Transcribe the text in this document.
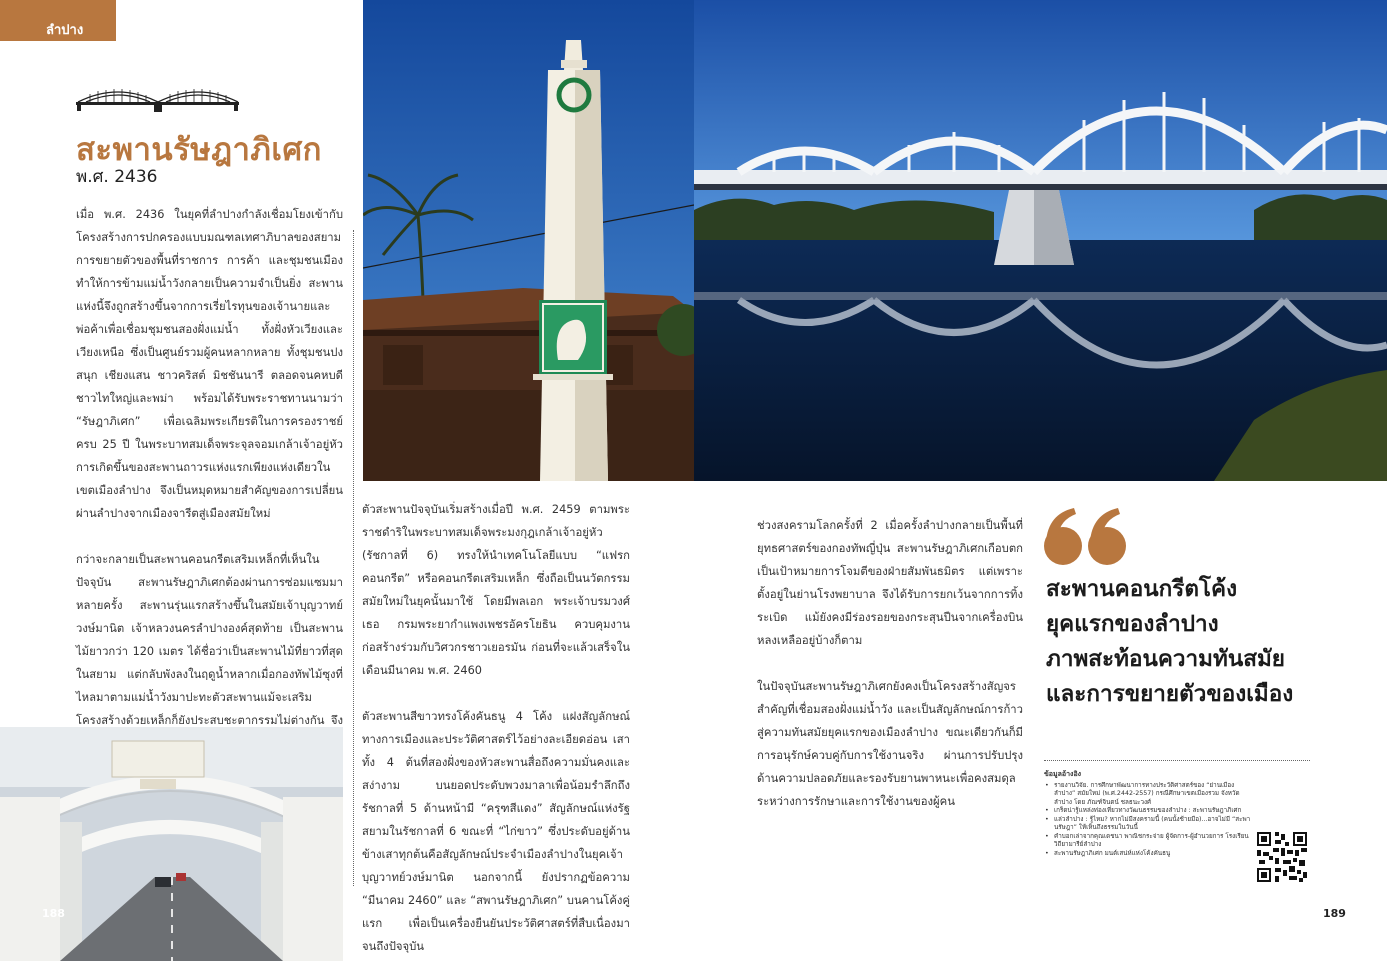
ลำปาง
สะพานรัษฎาภิเศก
พ.ศ. 2436

เมื่อ พ.ศ. 2436 ในยุคที่ลำปางกำลังเชื่อมโยงเข้ากับโครงสร้างการปกครองแบบมณฑลเทศาภิบาลของสยาม การขยายตัวของพื้นที่ราชการ การค้า และชุมชนเมือง ทำให้การข้ามแม่น้ำวังกลายเป็นความจำเป็นยิ่ง สะพานแห่งนี้จึงถูกสร้างขึ้นจากการเรี่ยไรทุนของเจ้านายและพ่อค้าเพื่อเชื่อมชุมชนสองฝั่งแม่น้ำ ทั้งฝั่งหัวเวียงและเวียงเหนือ ซึ่งเป็นศูนย์รวมผู้คนหลากหลาย ทั้งชุมชนปงสนุก เชียงแสน ชาวคริสต์ มิชชันนารี ตลอดจนคหบดีชาวไทใหญ่และพม่า พร้อมได้รับพระราชทานนามว่า “รัษฎาภิเศก” เพื่อเฉลิมพระเกียรติในการครองราชย์ครบ 25 ปี ในพระบาทสมเด็จพระจุลจอมเกล้าเจ้าอยู่หัว การเกิดขึ้นของสะพานถาวรแห่งแรกเพียงแห่งเดียวในเขตเมืองลำปาง จึงเป็นหมุดหมายสำคัญของการเปลี่ยนผ่านลำปางจากเมืองจารีตสู่เมืองสมัยใหม่

กว่าจะกลายเป็นสะพานคอนกรีตเสริมเหล็กที่เห็นในปัจจุบัน สะพานรัษฎาภิเศกต้องผ่านการซ่อมแซมมาหลายครั้ง สะพานรุ่นแรกสร้างขึ้นในสมัยเจ้าบุญวาทย์วงษ์มานิต เจ้าหลวงนครลำปางองค์สุดท้าย เป็นสะพานไม้ยาวกว่า 120 เมตร ได้ชื่อว่าเป็นสะพานไม้ที่ยาวที่สุดในสยาม แต่กลับพังลงในฤดูน้ำหลากเมื่อกองทัพไม้ซุงที่ไหลมาตามแม่น้ำวังมาปะทะตัวสะพานแม้จะเสริมโครงสร้างด้วยเหล็กก็ยังประสบชะตากรรมไม่ต่างกัน จึง

ตัวสะพานปัจจุบันเริ่มสร้างเมื่อปี พ.ศ. 2459 ตามพระราชดำริในพระบาทสมเด็จพระมงกุฎเกล้าเจ้าอยู่หัว (รัชกาลที่ 6) ทรงให้นำเทคโนโลยีแบบ “แฟรกคอนกรีต” หรือคอนกรีตเสริมเหล็ก ซึ่งถือเป็นนวัตกรรมสมัยใหม่ในยุคนั้นมาใช้ โดยมีพลเอก พระเจ้าบรมวงศ์เธอ กรมพระยากำแพงเพชรอัครโยธิน ควบคุมงานก่อสร้างร่วมกับวิศวกรชาวเยอรมัน ก่อนที่จะแล้วเสร็จในเดือนมีนาคม พ.ศ. 2460

ตัวสะพานสีขาวทรงโค้งคันธนู 4 โค้ง แฝงสัญลักษณ์ทางการเมืองและประวัติศาสตร์ไว้อย่างละเอียดอ่อน เสาทั้ง 4 ต้นที่สองฝั่งของหัวสะพานสื่อถึงความมั่นคงและสง่างาม บนยอดประดับพวงมาลาเพื่อน้อมรำลึกถึงรัชกาลที่ 5 ด้านหน้ามี “ครุฑสีแดง” สัญลักษณ์แห่งรัฐสยามในรัชกาลที่ 6 ขณะที่ “ไก่ขาว” ซึ่งประดับอยู่ด้านข้างเสาทุกต้นคือสัญลักษณ์ประจำเมืองลำปางในยุคเจ้าบุญวาทย์วงษ์มานิต นอกจากนี้ ยังปรากฏข้อความ “มีนาคม 2460” และ “สพานรัษฎาภิเศก” บนคานโค้งคู่แรก เพื่อเป็นเครื่องยืนยันประวัติศาสตร์ที่สืบเนื่องมาจนถึงปัจจุบัน

ช่วงสงครามโลกครั้งที่ 2 เมื่อครั้งลำปางกลายเป็นพื้นที่ยุทธศาสตร์ของกองทัพญี่ปุ่น สะพานรัษฎาภิเศกเกือบตกเป็นเป้าหมายการโจมตีของฝ่ายสัมพันธมิตร แต่เพราะตั้งอยู่ในย่านโรงพยาบาล จึงได้รับการยกเว้นจากการทิ้งระเบิด แม้ยังคงมีร่องรอยของกระสุนปืนจากเครื่องบินหลงเหลืออยู่บ้างก็ตาม

ในปัจจุบันสะพานรัษฎาภิเศกยังคงเป็นโครงสร้างสัญจรสำคัญที่เชื่อมสองฝั่งแม่น้ำวัง และเป็นสัญลักษณ์การก้าวสู่ความทันสมัยยุคแรกของเมืองลำปาง ขณะเดียวกันก็มีการอนุรักษ์ควบคู่กับการใช้งานจริง ผ่านการปรับปรุงด้านความปลอดภัยและรองรับยานพาหนะเพื่อคงสมดุลระหว่างการรักษาและการใช้งานของผู้คน

สะพานคอนกรีตโค้ง
ยุคแรกของลำปาง
ภาพสะท้อนความทันสมัย
และการขยายตัวของเมือง
ข้อมูลอ้างอิง
• รายงานวิจัย. การศึกษาพัฒนาการทางประวัติศาสตร์ของ “ย่านเมืองลำปาง” สมัยใหม่ (พ.ศ.2442-2557) กรณีศึกษาเขตเมืองรวม จังหวัดลำปาง โดย ภัณฑ์จินตน์ ชลธนะวงศ์
• เกร็ดน่ารู้แหล่งท่องเที่ยวทางวัฒนธรรมของลำปาง : สะพานรัษฎาภิเศก
• แล่วลำปาง : รู้ไหม? หากไม่มีสงครามนี้ (คนนั้งช้ายมือ)...อาจไม่มี “สะพานรัษฎา” ให้เห็นถึงธรรมในวันนี้
• คำบอกเล่าจากคุณเดชนา พาณิชกระจ่าย ผู้จัดการ-ผู้อำนวยการ โรงเรียนวิถียามารีย์ลำปาง
• สะพานรัษฎาภิเศก มนต์เสน่ห์แห่งโค้งคันธนู
188	189
